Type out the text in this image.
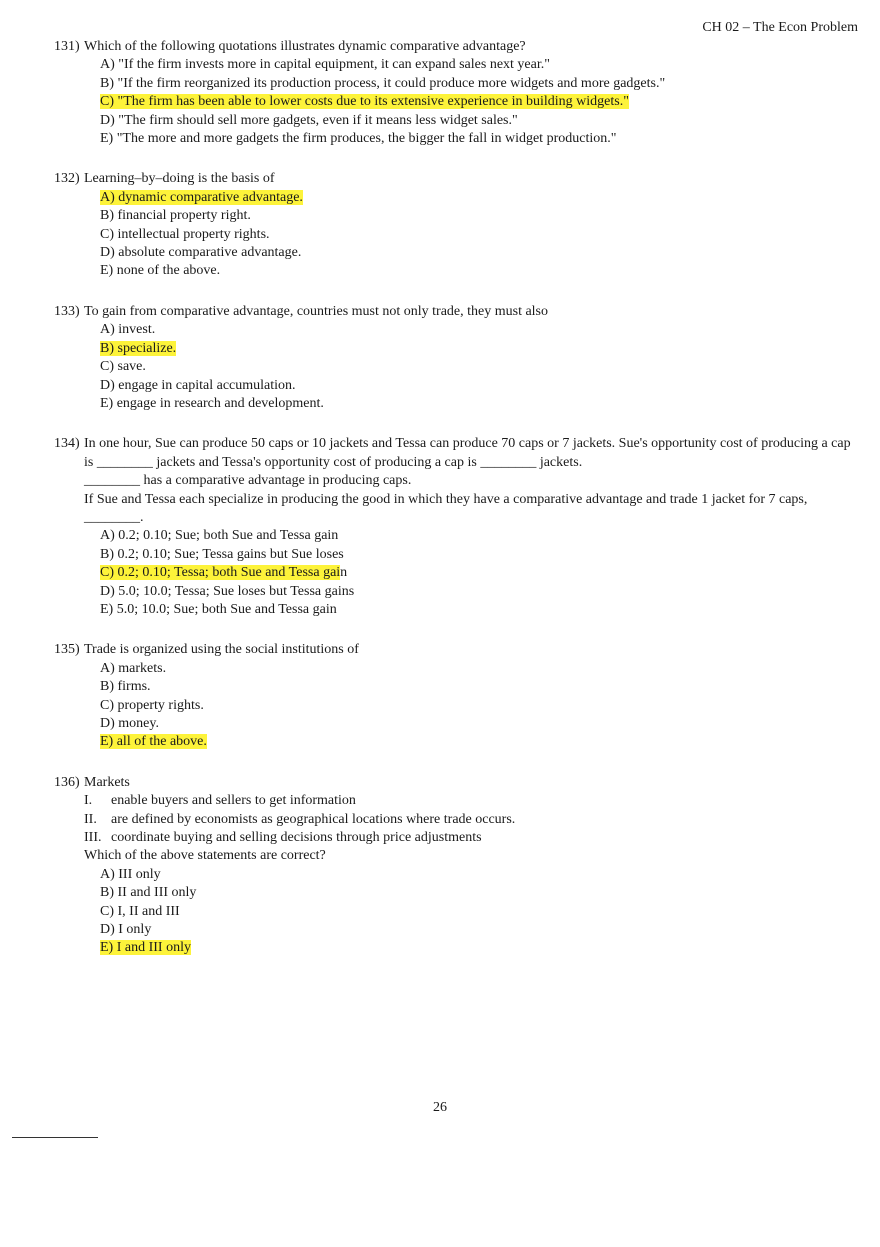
CH 02 – The Econ Problem
131) Which of the following quotations illustrates dynamic comparative advantage?
A) "If the firm invests more in capital equipment, it can expand sales next year."
B) "If the firm reorganized its production process, it could produce more widgets and more gadgets."
C) "The firm has been able to lower costs due to its extensive experience in building widgets."
D) "The firm should sell more gadgets, even if it means less widget sales."
E) "The more and more gadgets the firm produces, the bigger the fall in widget production."
132) Learning–by–doing is the basis of
A) dynamic comparative advantage.
B) financial property right.
C) intellectual property rights.
D) absolute comparative advantage.
E) none of the above.
133) To gain from comparative advantage, countries must not only trade, they must also
A) invest.
B) specialize.
C) save.
D) engage in capital accumulation.
E) engage in research and development.
134) In one hour, Sue can produce 50 caps or 10 jackets and Tessa can produce 70 caps or 7 jackets. Sue's opportunity cost of producing a cap is ________ jackets and Tessa's opportunity cost of producing a cap is ________ jackets.
________ has a comparative advantage in producing caps.
If Sue and Tessa each specialize in producing the good in which they have a comparative advantage and trade 1 jacket for 7 caps, ________.
A) 0.2; 0.10; Sue; both Sue and Tessa gain
B) 0.2; 0.10; Sue; Tessa gains but Sue loses
C) 0.2; 0.10; Tessa; both Sue and Tessa gain
D) 5.0; 10.0; Tessa; Sue loses but Tessa gains
E) 5.0; 10.0; Sue; both Sue and Tessa gain
135) Trade is organized using the social institutions of
A) markets.
B) firms.
C) property rights.
D) money.
E) all of the above.
136) Markets
I. enable buyers and sellers to get information
II. are defined by economists as geographical locations where trade occurs.
III. coordinate buying and selling decisions through price adjustments
Which of the above statements are correct?
A) III only
B) II and III only
C) I, II and III
D) I only
E) I and III only
26
